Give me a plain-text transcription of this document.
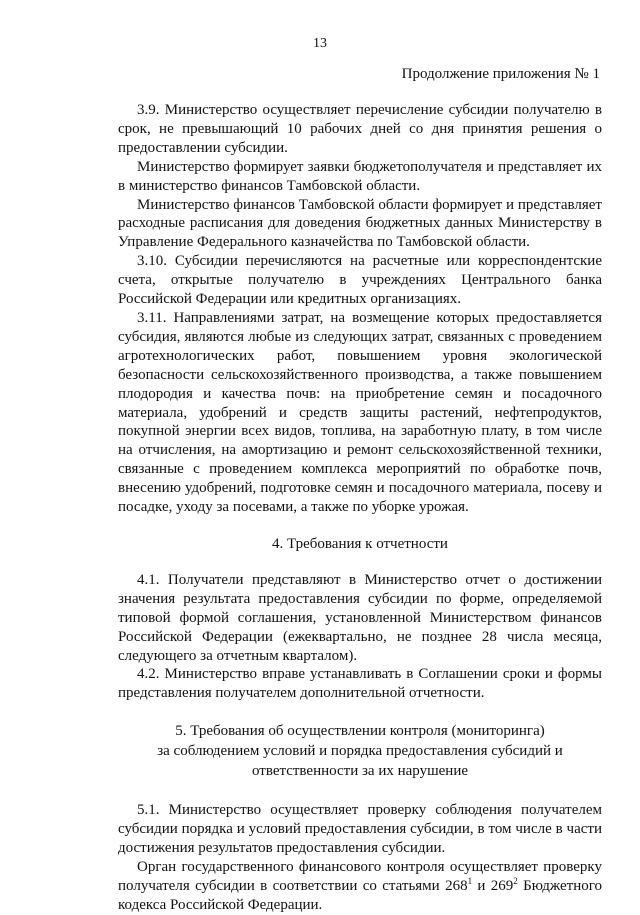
13
Продолжение приложения № 1

3.9. Министерство осуществляет перечисление субсидии получателю в срок, не превышающий 10 рабочих дней со дня принятия решения о предоставлении субсидии.

Министерство формирует заявки бюджетополучателя и представляет их в министерство финансов Тамбовской области.

Министерство финансов Тамбовской области формирует и представляет расходные расписания для доведения бюджетных данных Министерству в Управление Федерального казначейства по Тамбовской области.

3.10. Субсидии перечисляются на расчетные или корреспондентские счета, открытые получателю в учреждениях Центрального банка Российской Федерации или кредитных организациях.

3.11. Направлениями затрат, на возмещение которых предоставляется субсидия, являются любые из следующих затрат, связанных с проведением агротехнологических работ, повышением уровня экологической безопасности сельскохозяйственного производства, а также повышением плодородия и качества почв: на приобретение семян и посадочного материала, удобрений и средств защиты растений, нефтепродуктов, покупной энергии всех видов, топлива, на заработную плату, в том числе на отчисления, на амортизацию и ремонт сельскохозяйственной техники, связанные с проведением комплекса мероприятий по обработке почв, внесению удобрений, подготовке семян и посадочного материала, посеву и посадке, уходу за посевами, а также по уборке урожая.

4. Требования к отчетности

4.1. Получатели представляют в Министерство отчет о достижении значения результата предоставления субсидии по форме, определяемой типовой формой соглашения, установленной Министерством финансов Российской Федерации (ежеквартально, не позднее 28 числа месяца, следующего за отчетным кварталом).

4.2. Министерство вправе устанавливать в Соглашении сроки и формы представления получателем дополнительной отчетности.

5. Требования об осуществлении контроля (мониторинга)
за соблюдением условий и порядка предоставления субсидий и
ответственности за их нарушение

5.1. Министерство осуществляет проверку соблюдения получателем субсидии порядка и условий предоставления субсидии, в том числе в части достижения результатов предоставления субсидии.

Орган государственного финансового контроля осуществляет проверку получателя субсидии в соответствии со статьями $268^1$ и $269^2$ Бюджетного кодекса Российской Федерации.
